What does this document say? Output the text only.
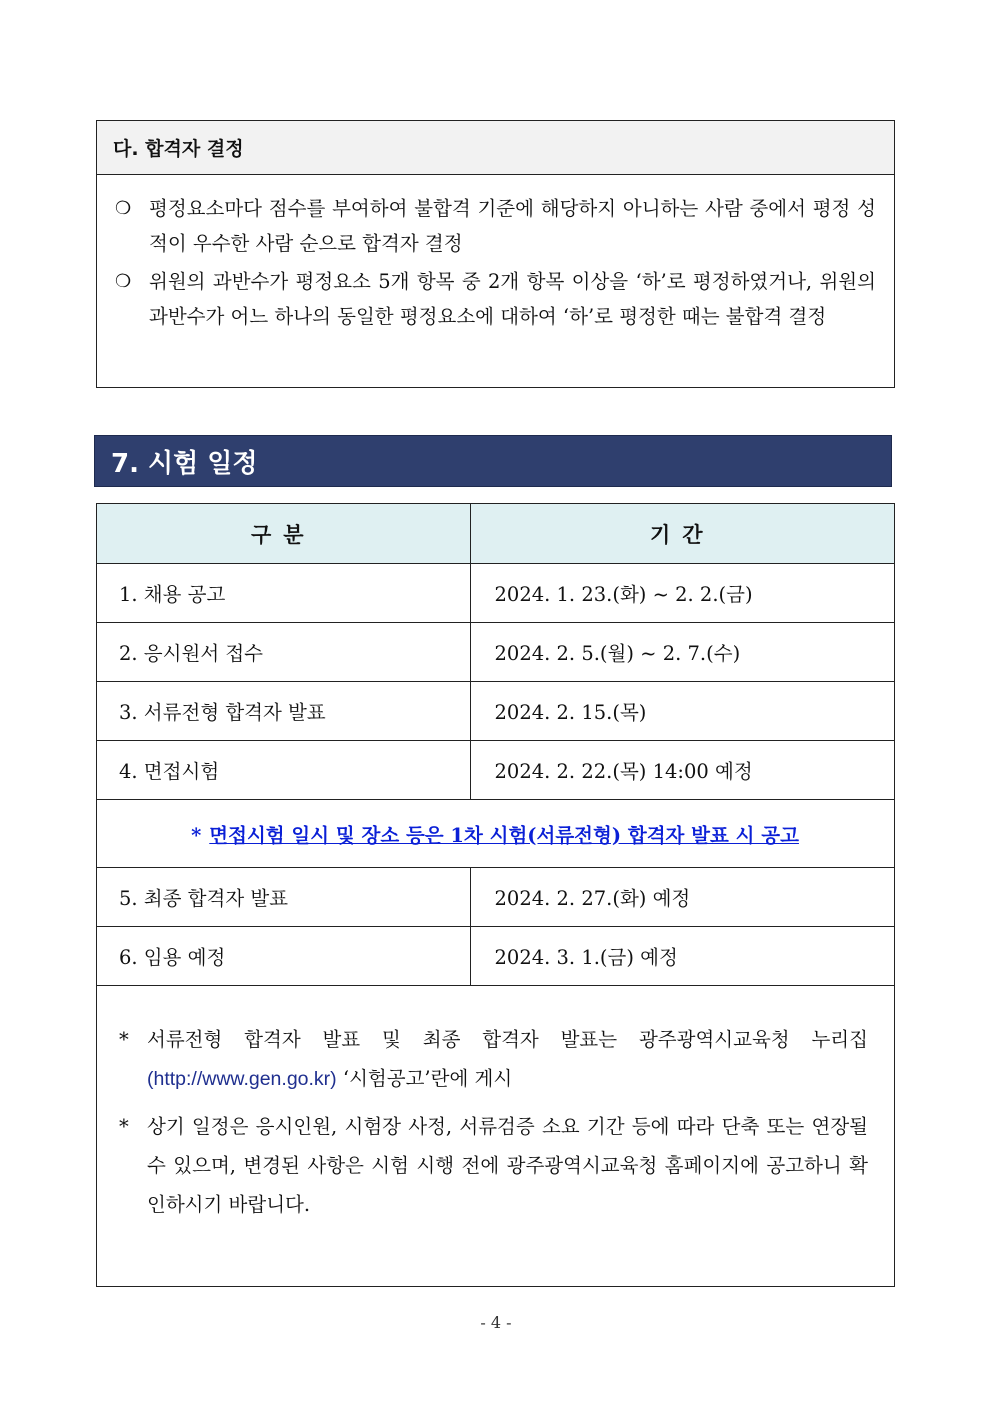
다. 합격자 결정
❍ 평정요소마다 점수를 부여하여 불합격 기준에 해당하지 아니하는 사람 중에서 평정 성적이 우수한 사람 순으로 합격자 결정
❍ 위원의 과반수가 평정요소 5개 항목 중 2개 항목 이상을 ‘하’로 평정하였거나, 위원의 과반수가 어느 하나의 동일한 평정요소에 대하여 ‘하’로 평정한 때는 불합격 결정
7. 시험 일정
구분	기간
1. 채용 공고	2024. 1. 23.(화) ~ 2. 2.(금)
2. 응시원서 접수	2024. 2. 5.(월) ~ 2. 7.(수)
3. 서류전형 합격자 발표	2024. 2. 15.(목)
4. 면접시험	2024. 2. 22.(목) 14:00 예정
* 면접시험 일시 및 장소 등은 1차 시험(서류전형) 합격자 발표 시 공고	
5. 최종 합격자 발표	2024. 2. 27.(화) 예정
6. 임용 예정	2024. 3. 1.(금) 예정

* 서류전형 합격자 발표 및 최종 합격자 발표는 광주광역시교육청 누리집 (http://www.gen.go.kr) ‘시험공고’란에 게시
* 상기 일정은 응시인원, 시험장 사정, 서류검증 소요 기간 등에 따라 단축 또는 연장될 수 있으며, 변경된 사항은 시험 시행 전에 광주광역시교육청 홈페이지에 공고하니 확인하시기 바랍니다.	
- 4 -
